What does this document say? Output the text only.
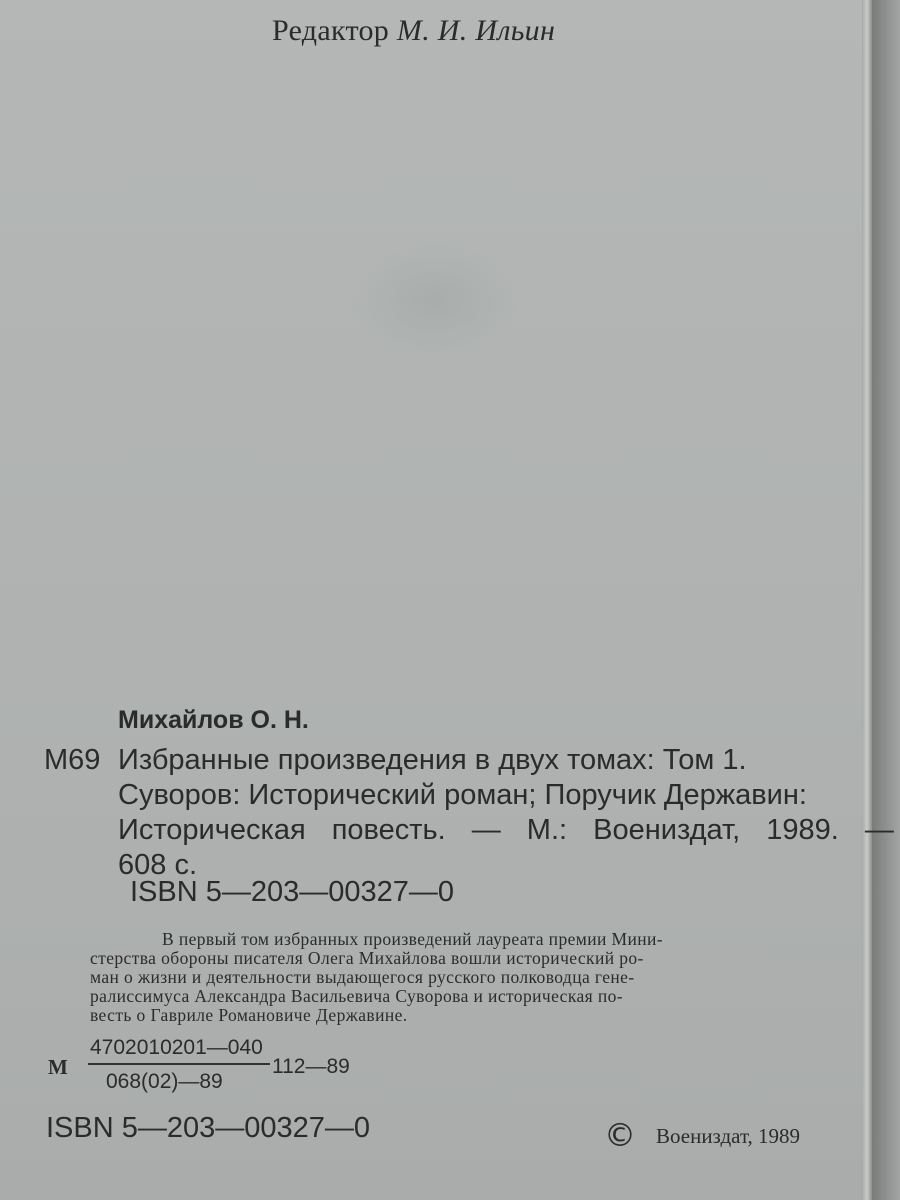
Редактор М. И. Ильин
Михайлов О. Н.
М69 Избранные произведения в двух томах: Том 1.
Суворов: Исторический роман; Поручик Державин:
Историческая повесть. — М.: Воениздат, 1989. —
608 с.
ISBN 5—203—00327—0
В первый том избранных произведений лауреата премии Мини-
стерства обороны писателя Олега Михайлова вошли исторический ро-
ман о жизни и деятельности выдающегося русского полководца гене-
ралиссимуса Александра Васильевича Суворова и историческая по-
весть о Гавриле Романовиче Державине.
М
4702010201—040
068(02)—89
112—89
ISBN 5—203—00327—0	© Воениздат, 1989
